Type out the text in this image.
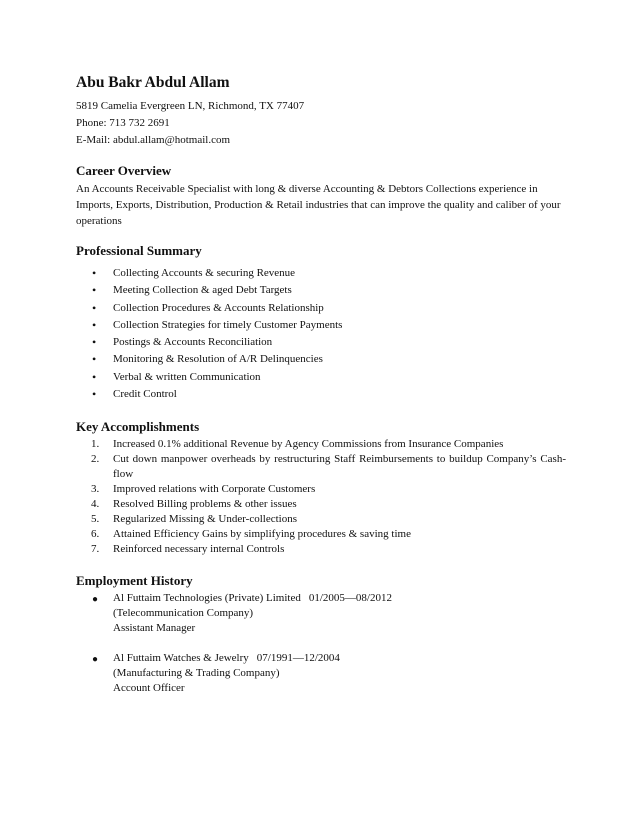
Abu Bakr Abdul Allam

5819 Camelia Evergreen LN, Richmond, TX 77407

Phone: 713 732 2691

E-Mail: abdul.allam@hotmail.com

Career Overview

An Accounts Receivable Specialist with long & diverse Accounting & Debtors Collections experience in Imports, Exports, Distribution, Production & Retail industries that can improve the quality and caliber of your operations

Professional Summary

• Collecting Accounts & securing Revenue
• Meeting Collection & aged Debt Targets
• Collection Procedures & Accounts Relationship
• Collection Strategies for timely Customer Payments
• Postings & Accounts Reconciliation
• Monitoring & Resolution of A/R Delinquencies
• Verbal & written Communication
• Credit Control

Key Accomplishments

1. Increased 0.1% additional Revenue by Agency Commissions from Insurance Companies
2. Cut down manpower overheads by restructuring Staff Reimbursements to buildup Company’s Cash-flow
3. Improved relations with Corporate Customers
4. Resolved Billing problems & other issues
5. Regularized Missing & Under-collections
6. Attained Efficiency Gains by simplifying procedures & saving time
7. Reinforced necessary internal Controls

Employment History

● Al Futtaim Technologies (Private) Limited 01/2005—08/2012
(Telecommunication Company)
Assistant Manager
● Al Futtaim Watches & Jewelry 07/1991—12/2004
(Manufacturing & Trading Company)
Account Officer
